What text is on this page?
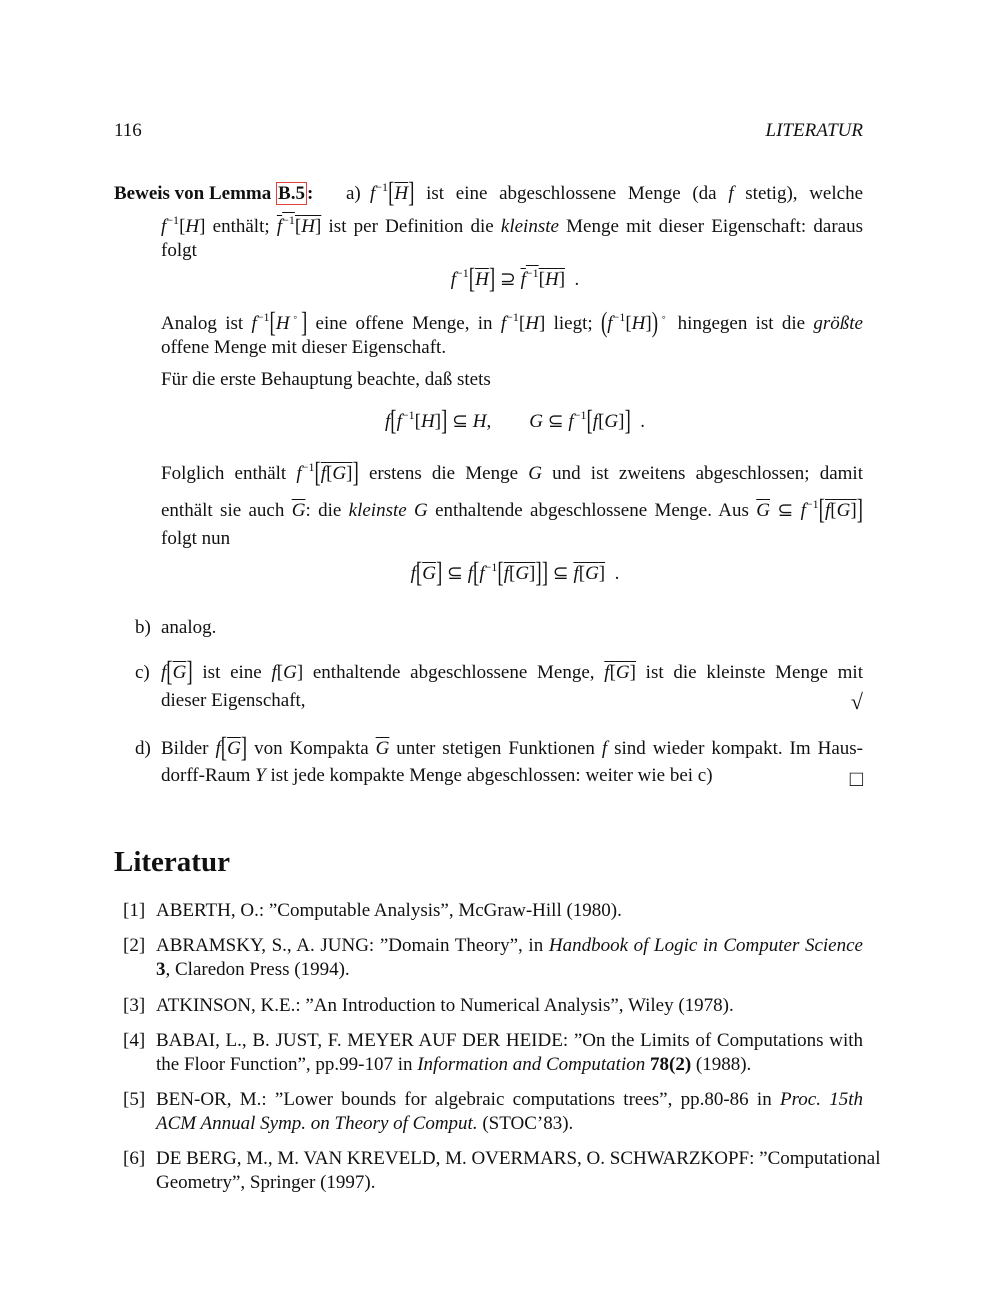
116	LITERATUR
Beweis von Lemma B.5 : a) $f^{-1}[\overline{H}]$ ist eine abgeschlossene Menge (da f stetig), welche
$f^{-1}[H]$ enthält; $f^{-1}[H]$ ist per Definition die kleinste Menge mit dieser Eigenschaft: daraus
folgt
$f^{-1}[\overline{H}]$ ⊇ $f^{-1}[H]$  .
Analog ist $f^{-1}[H^◦]$ eine offene Menge, in $f^{-1}[H]$ liegt; $(f^{-1}[H])^◦$ hingegen ist die größte
offene Menge mit dieser Eigenschaft.
Für die erste Behauptung beachte, daß stets
$f[f^{-1}[H]]$ ⊆ H,        G ⊆ $f^{-1}[f[G]]$  .
Folglich enthält $f^{-1}[f[G]]$ erstens die Menge G und ist zweitens abgeschlossen; damit
enthält sie auch $\overline{G}$: die kleinste G enthaltende abgeschlossene Menge. Aus $\overline{G}$ ⊆ $f^{-1}[f[G]]$
folgt nun
$f[\overline{G}]$ ⊆ $f[f^{-1}[f[G]]]$ ⊆ f[G]  .
b) analog.
c) $f[\overline{G}]$ ist eine f[G] enthaltende abgeschlossene Menge, f[G] ist die kleinste Menge mit
dieser Eigenschaft,	√
d) Bilder $f[\overline{G}]$ von Kompakta $\overline{G}$ unter stetigen Funktionen f sind wieder kompakt. Im Haus-
dorff-Raum Y ist jede kompakte Menge abgeschlossen: weiter wie bei c)	□
Literatur
[1] ABERTH, O.: ”Computable Analysis”, McGraw-Hill (1980).
[2] ABRAMSKY, S., A. JUNG: ”Domain Theory”, in Handbook of Logic in Computer Science
3, Claredon Press (1994).
[3] ATKINSON, K.E.: ”An Introduction to Numerical Analysis”, Wiley (1978).
[4] BABAI, L., B. JUST, F. MEYER AUF DER HEIDE: ”On the Limits of Computations with
the Floor Function”, pp.99-107 in Information and Computation 78(2) (1988).
[5] BEN-OR, M.: ”Lower bounds for algebraic computations trees”, pp.80-86 in Proc. 15th
ACM Annual Symp. on Theory of Comput. (STOC’83).
[6] DE BERG, M., M. VAN KREVELD, M. OVERMARS, O. SCHWARZKOPF: ”Computational
Geometry”, Springer (1997).
